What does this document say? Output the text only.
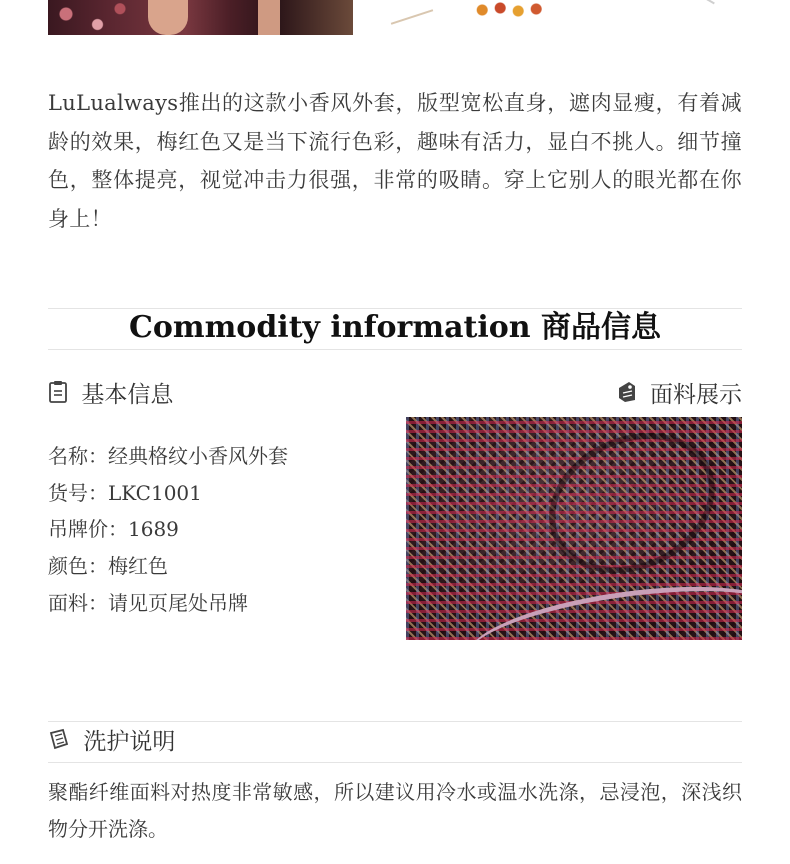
LuLualways推出的这款小香风外套，版型宽松直身，遮肉显瘦，有着减龄的效果，梅红色又是当下流行色彩，趣味有活力，显白不挑人。细节撞色，整体提亮，视觉冲击力很强，非常的吸睛。穿上它别人的眼光都在你身上！
Commodity information 商品信息
基本信息	面料展示
名称：经典格纹小香风外套
货号：LKC1001
吊牌价：1689
颜色：梅红色
面料：请见页尾处吊牌
洗护说明
聚酯纤维面料对热度非常敏感，所以建议用冷水或温水洗涤，忌浸泡，深浅织物分开洗涤。
